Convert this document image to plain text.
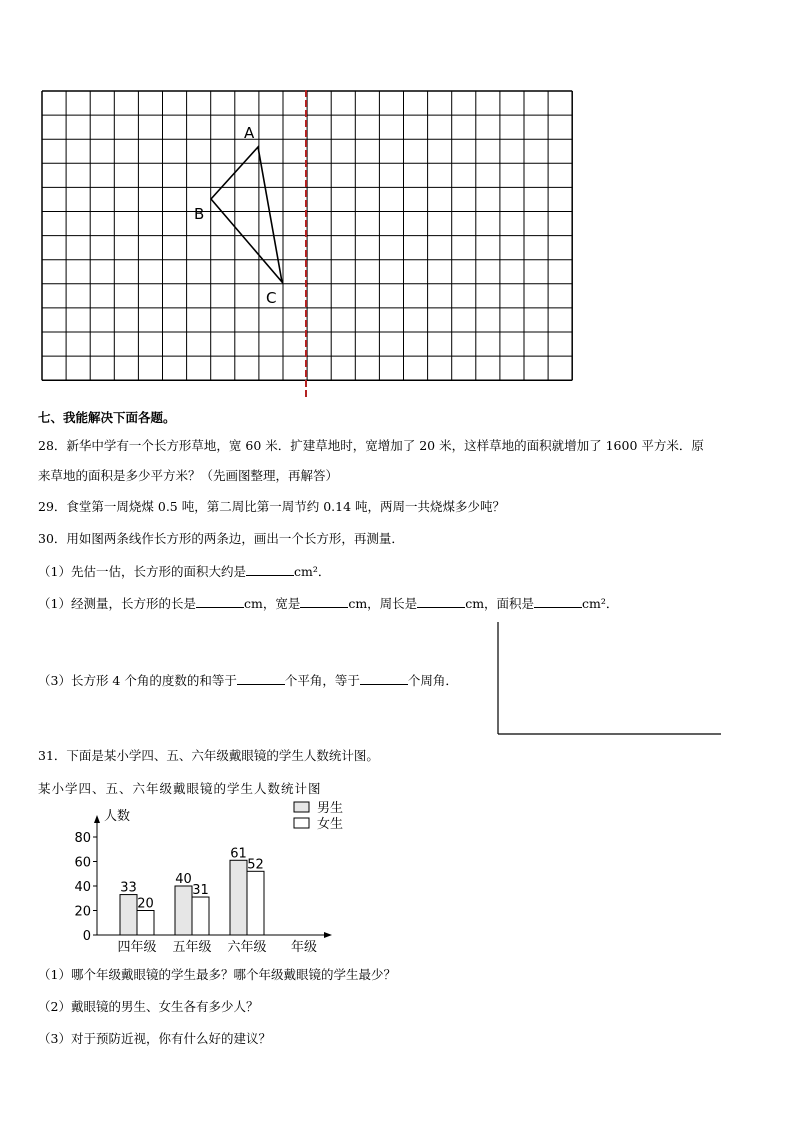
A
B
C
七、我能解决下面各题。
28．新华中学有一个长方形草地，宽 60 米．扩建草地时，宽增加了 20 米，这样草地的面积就增加了 1600 平方米．原
来草地的面积是多少平方米？（先画图整理，再解答）
29．食堂第一周烧煤 0.5 吨，第二周比第一周节约 0.14 吨，两周一共烧煤多少吨？
30．用如图两条线作长方形的两条边，画出一个长方形，再测量．
（1）先估一估，长方形的面积大约是	cm²．
（1）经测量，长方形的长是	cm，宽是	cm，周长是	cm，面积是	cm²．
（3）长方形 4 个角的度数的和等于	个平角，等于	个周角．
31．下面是某小学四、五、六年级戴眼镜的学生人数统计图。
某小学四、五、六年级戴眼镜的学生人数统计图
人数
0
20
40
60
80
年级
33
20
四年级
40
31
五年级
61
52
六年级
男生
女生
（1）哪个年级戴眼镜的学生最多？哪个年级戴眼镜的学生最少？
（2）戴眼镜的男生、女生各有多少人？
（3）对于预防近视，你有什么好的建议？
